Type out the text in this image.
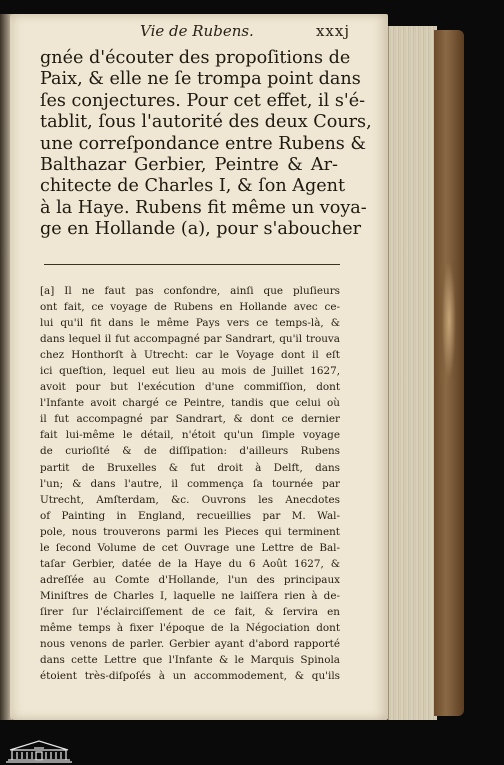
Vie de Rubens.	xxxj
gnée d'écouter des propoſitions de
Paix, & elle ne ſe trompa point dans
ſes conjectures. Pour cet effet, il s'é-
tablit, ſous l'autorité des deux Cours,
une correſpondance entre Rubens &
Balthazar Gerbier, Peintre & Ar-
chitecte de Charles I, & ſon Agent
à la Haye. Rubens fit même un voya-
ge en Hollande (a), pour s'aboucher
[a] Il ne faut pas confondre, ainſi que pluſieurs
ont fait, ce voyage de Rubens en Hollande avec ce-
lui qu'il fit dans le même Pays vers ce temps-là, &
dans lequel il fut accompagné par Sandrart, qu'il trouva
chez Honthorſt à Utrecht: car le Voyage dont il eſt
ici queſtion, lequel eut lieu au mois de Juillet 1627,
avoit pour but l'exécution d'une commiſſion, dont
l'Infante avoit chargé ce Peintre, tandis que celui où
il fut accompagné par Sandrart, & dont ce dernier
fait lui-même le détail, n'étoit qu'un ſimple voyage
de curioſité & de diſſipation: d'ailleurs Rubens
partit de Bruxelles & fut droit à Delft, dans
l'un; & dans l'autre, il commença ſa tournée par
Utrecht, Amſterdam, &c. Ouvrons les Anecdotes
of Painting in England, recueillies par M. Wal-
pole, nous trouverons parmi les Pieces qui terminent
le ſecond Volume de cet Ouvrage une Lettre de Bal-
taſar Gerbier, datée de la Haye du 6 Août 1627, &
adreſſée au Comte d'Hollande, l'un des principaux
Miniſtres de Charles I, laquelle ne laiſſera rien à de-
ſirer ſur l'éclairciſſement de ce fait, & ſervira en
même temps à fixer l'époque de la Négociation dont
nous venons de parler. Gerbier ayant d'abord rapporté
dans cette Lettre que l'Infante & le Marquis Spinola
étoient très-diſpoſés à un accommodement, & qu'ils
